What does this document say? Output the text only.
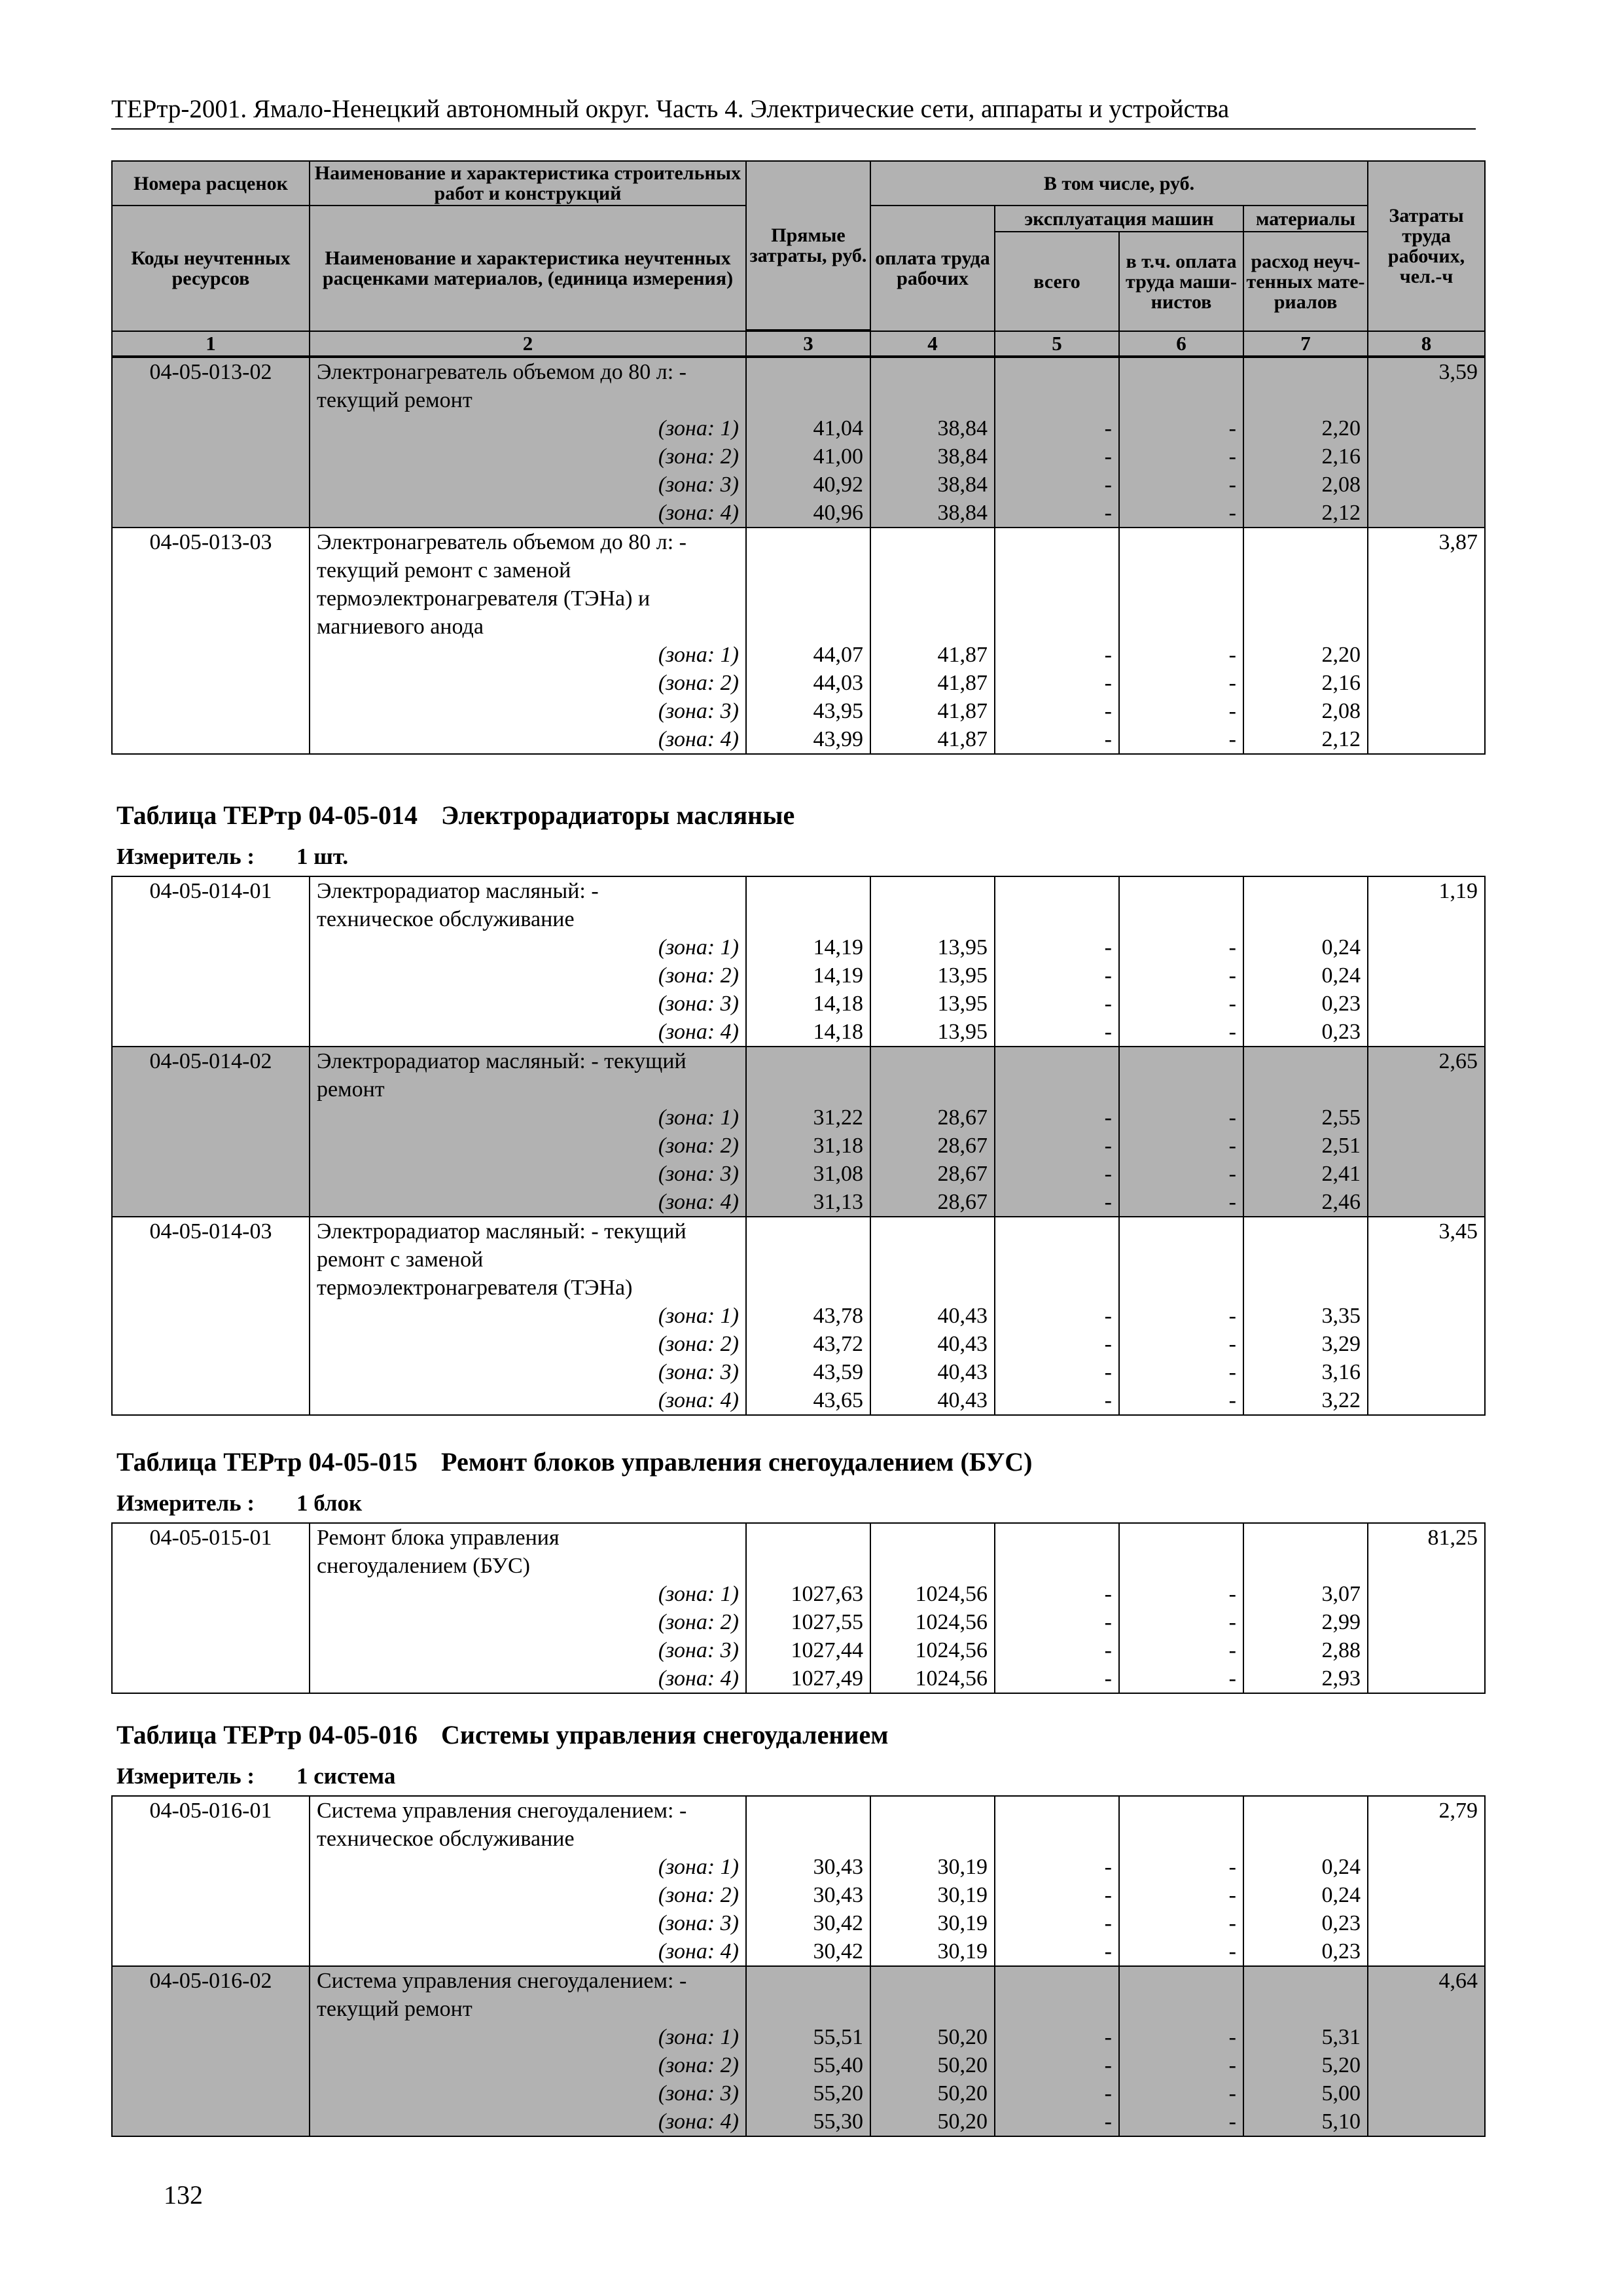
ТЕРтр-2001. Ямало-Ненецкий автономный округ. Часть 4. Электрические сети, аппараты и устройства
Номера расценок	Наименование и характеристика строительных работ и конструкций	Прямые затраты, руб.	В том числе, руб.				Затраты труда рабочих, чел.-ч
Коды неучтенных ресурсов	Наименование и характеристика неучтенных расценками материалов, (единица измерения)		оплата труда рабочих	эксплуатация машин		материалы	
				всего	в т.ч. оплата труда маши-нистов	расход неуч-тенных мате-риалов	

1	2	3	4	5	6	7	8
04-05-013-02	Электронагреватель объемом до 80 л: -						3,59
	текущий ремонт						
	(зона: 1)	41,04	38,84	-	-	2,20	
	(зона: 2)	41,00	38,84	-	-	2,16	
	(зона: 3)	40,92	38,84	-	-	2,08	
	(зона: 4)	40,96	38,84	-	-	2,12	
04-05-013-03	Электронагреватель объемом до 80 л: -						3,87
	текущий ремонт с заменой						
	термоэлектронагревателя (ТЭНа) и						
	магниевого анода						
	(зона: 1)	44,07	41,87	-	-	2,20	
	(зона: 2)	44,03	41,87	-	-	2,16	
	(зона: 3)	43,95	41,87	-	-	2,08	
	(зона: 4)	43,99	41,87	-	-	2,12	
Таблица ТЕРтр 04-05-014 Электрорадиаторы масляные
Измеритель : 1 шт.
04-05-014-01	Электрорадиатор масляный: -						1,19
	техническое обслуживание						
	(зона: 1)	14,19	13,95	-	-	0,24	
	(зона: 2)	14,19	13,95	-	-	0,24	
	(зона: 3)	14,18	13,95	-	-	0,23	
	(зона: 4)	14,18	13,95	-	-	0,23	
04-05-014-02	Электрорадиатор масляный: - текущий						2,65
	ремонт						
	(зона: 1)	31,22	28,67	-	-	2,55	
	(зона: 2)	31,18	28,67	-	-	2,51	
	(зона: 3)	31,08	28,67	-	-	2,41	
	(зона: 4)	31,13	28,67	-	-	2,46	
04-05-014-03	Электрорадиатор масляный: - текущий						3,45
	ремонт с заменой						
	термоэлектронагревателя (ТЭНа)						
	(зона: 1)	43,78	40,43	-	-	3,35	
	(зона: 2)	43,72	40,43	-	-	3,29	
	(зона: 3)	43,59	40,43	-	-	3,16	
	(зона: 4)	43,65	40,43	-	-	3,22	
Таблица ТЕРтр 04-05-015 Ремонт блоков управления снегоудалением (БУС)
Измеритель : 1 блок
04-05-015-01	Ремонт блока управления						81,25
	снегоудалением (БУС)						
	(зона: 1)	1027,63	1024,56	-	-	3,07	
	(зона: 2)	1027,55	1024,56	-	-	2,99	
	(зона: 3)	1027,44	1024,56	-	-	2,88	
	(зона: 4)	1027,49	1024,56	-	-	2,93	
Таблица ТЕРтр 04-05-016 Системы управления снегоудалением
Измеритель : 1 система
04-05-016-01	Система управления снегоудалением: -						2,79
	техническое обслуживание						
	(зона: 1)	30,43	30,19	-	-	0,24	
	(зона: 2)	30,43	30,19	-	-	0,24	
	(зона: 3)	30,42	30,19	-	-	0,23	
	(зона: 4)	30,42	30,19	-	-	0,23	
04-05-016-02	Система управления снегоудалением: -						4,64
	текущий ремонт						
	(зона: 1)	55,51	50,20	-	-	5,31	
	(зона: 2)	55,40	50,20	-	-	5,20	
	(зона: 3)	55,20	50,20	-	-	5,00	
	(зона: 4)	55,30	50,20	-	-	5,10	
132
